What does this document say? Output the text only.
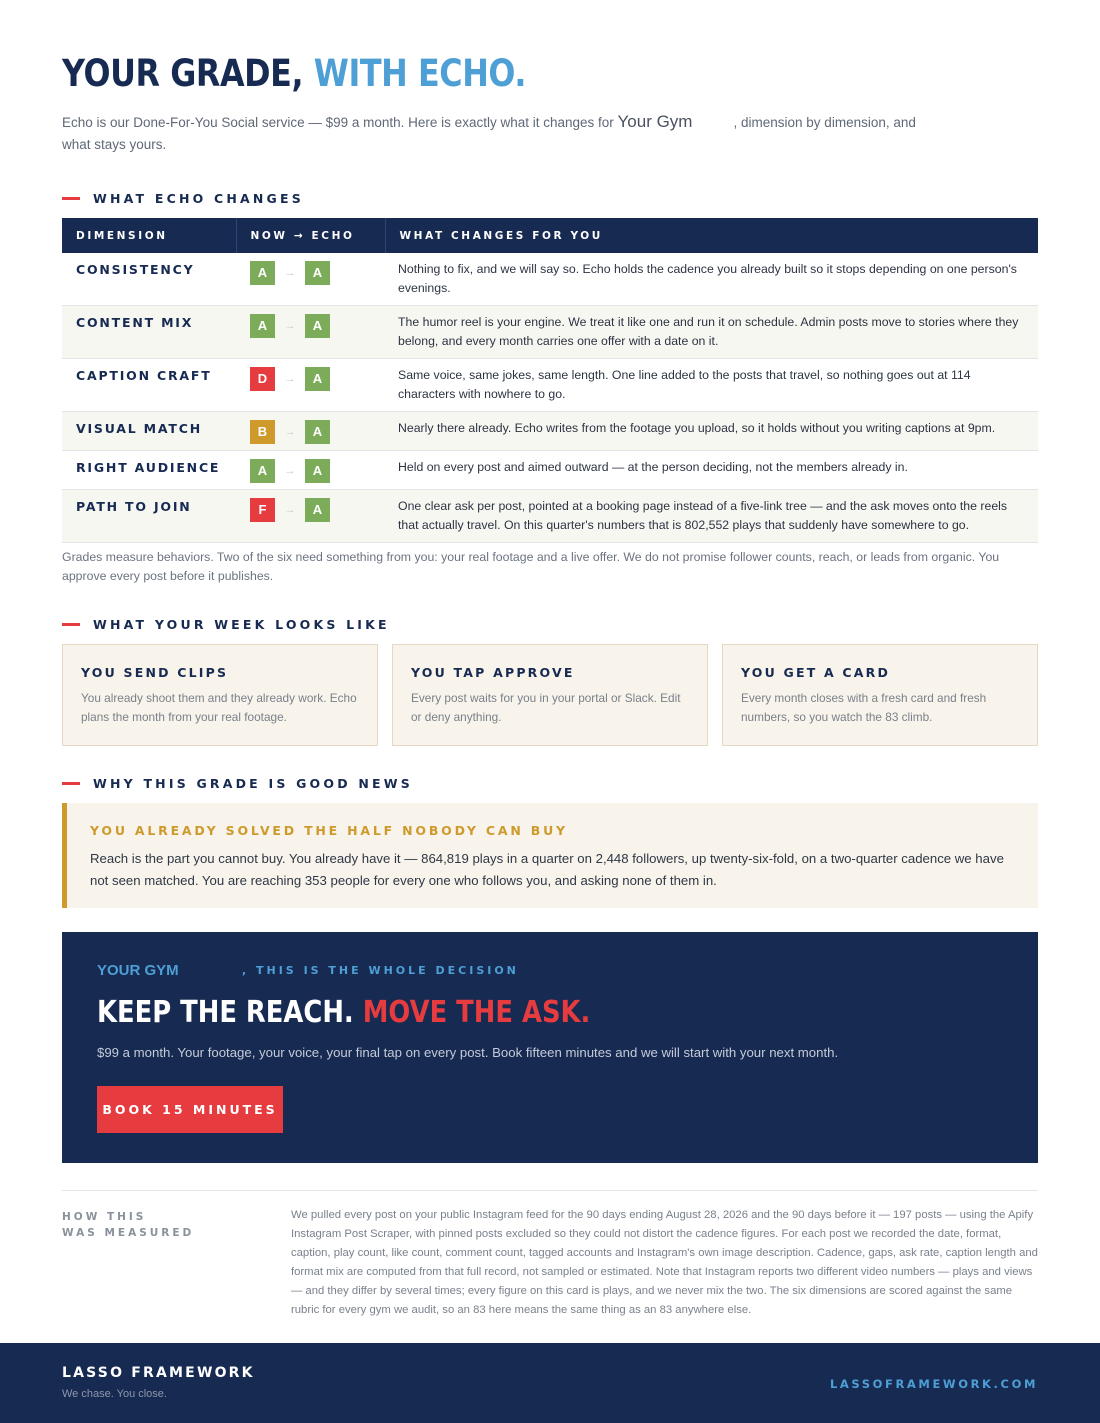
YOUR GRADE, WITH ECHO.
Echo is our Done-For-You Social service — $99 a month. Here is exactly what it changes for Your Gym	, dimension by dimension, and what stays yours.
WHAT ECHO CHANGES
DIMENSION	NOW → ECHO	WHAT CHANGES FOR YOU
CONSISTENCY	A → A	Nothing to fix, and we will say so. Echo holds the cadence you already built so it stops depending on one person's evenings.
CONTENT MIX	A → A	The humor reel is your engine. We treat it like one and run it on schedule. Admin posts move to stories where they belong, and every month carries one offer with a date on it.
CAPTION CRAFT	D → A	Same voice, same jokes, same length. One line added to the posts that travel, so nothing goes out at 114 characters with nowhere to go.
VISUAL MATCH	B → A	Nearly there already. Echo writes from the footage you upload, so it holds without you writing captions at 9pm.
RIGHT AUDIENCE	A → A	Held on every post and aimed outward — at the person deciding, not the members already in.
PATH TO JOIN	F → A	One clear ask per post, pointed at a booking page instead of a five-link tree — and the ask moves onto the reels that actually travel. On this quarter's numbers that is 802,552 plays that suddenly have somewhere to go.
Grades measure behaviors. Two of the six need something from you: your real footage and a live offer. We do not promise follower counts, reach, or leads from organic. You approve every post before it publishes.
WHAT YOUR WEEK LOOKS LIKE
YOU SEND CLIPS
You already shoot them and they already work. Echo plans the month from your real footage.
YOU TAP APPROVE
Every post waits for you in your portal or Slack. Edit or deny anything.
YOU GET A CARD
Every month closes with a fresh card and fresh numbers, so you watch the 83 climb.
WHY THIS GRADE IS GOOD NEWS
YOU ALREADY SOLVED THE HALF NOBODY CAN BUY
Reach is the part you cannot buy. You already have it — 864,819 plays in a quarter on 2,448 followers, up twenty-six-fold, on a two-quarter cadence we have not seen matched. You are reaching 353 people for every one who follows you, and asking none of them in.
YOUR GYM	, THIS IS THE WHOLE DECISION
KEEP THE REACH. MOVE THE ASK.
$99 a month. Your footage, your voice, your final tap on every post. Book fifteen minutes and we will start with your next month.
BOOK 15 MINUTES
HOW THIS
WAS MEASURED
We pulled every post on your public Instagram feed for the 90 days ending August 28, 2026 and the 90 days before it — 197 posts — using the Apify Instagram Post Scraper, with pinned posts excluded so they could not distort the cadence figures. For each post we recorded the date, format, caption, play count, like count, comment count, tagged accounts and Instagram's own image description. Cadence, gaps, ask rate, caption length and format mix are computed from that full record, not sampled or estimated. Note that Instagram reports two different video numbers — plays and views — and they differ by several times; every figure on this card is plays, and we never mix the two. The six dimensions are scored against the same rubric for every gym we audit, so an 83 here means the same thing as an 83 anywhere else.
LASSO FRAMEWORK
We chase. You close.
LASSOFRAMEWORK.COM
